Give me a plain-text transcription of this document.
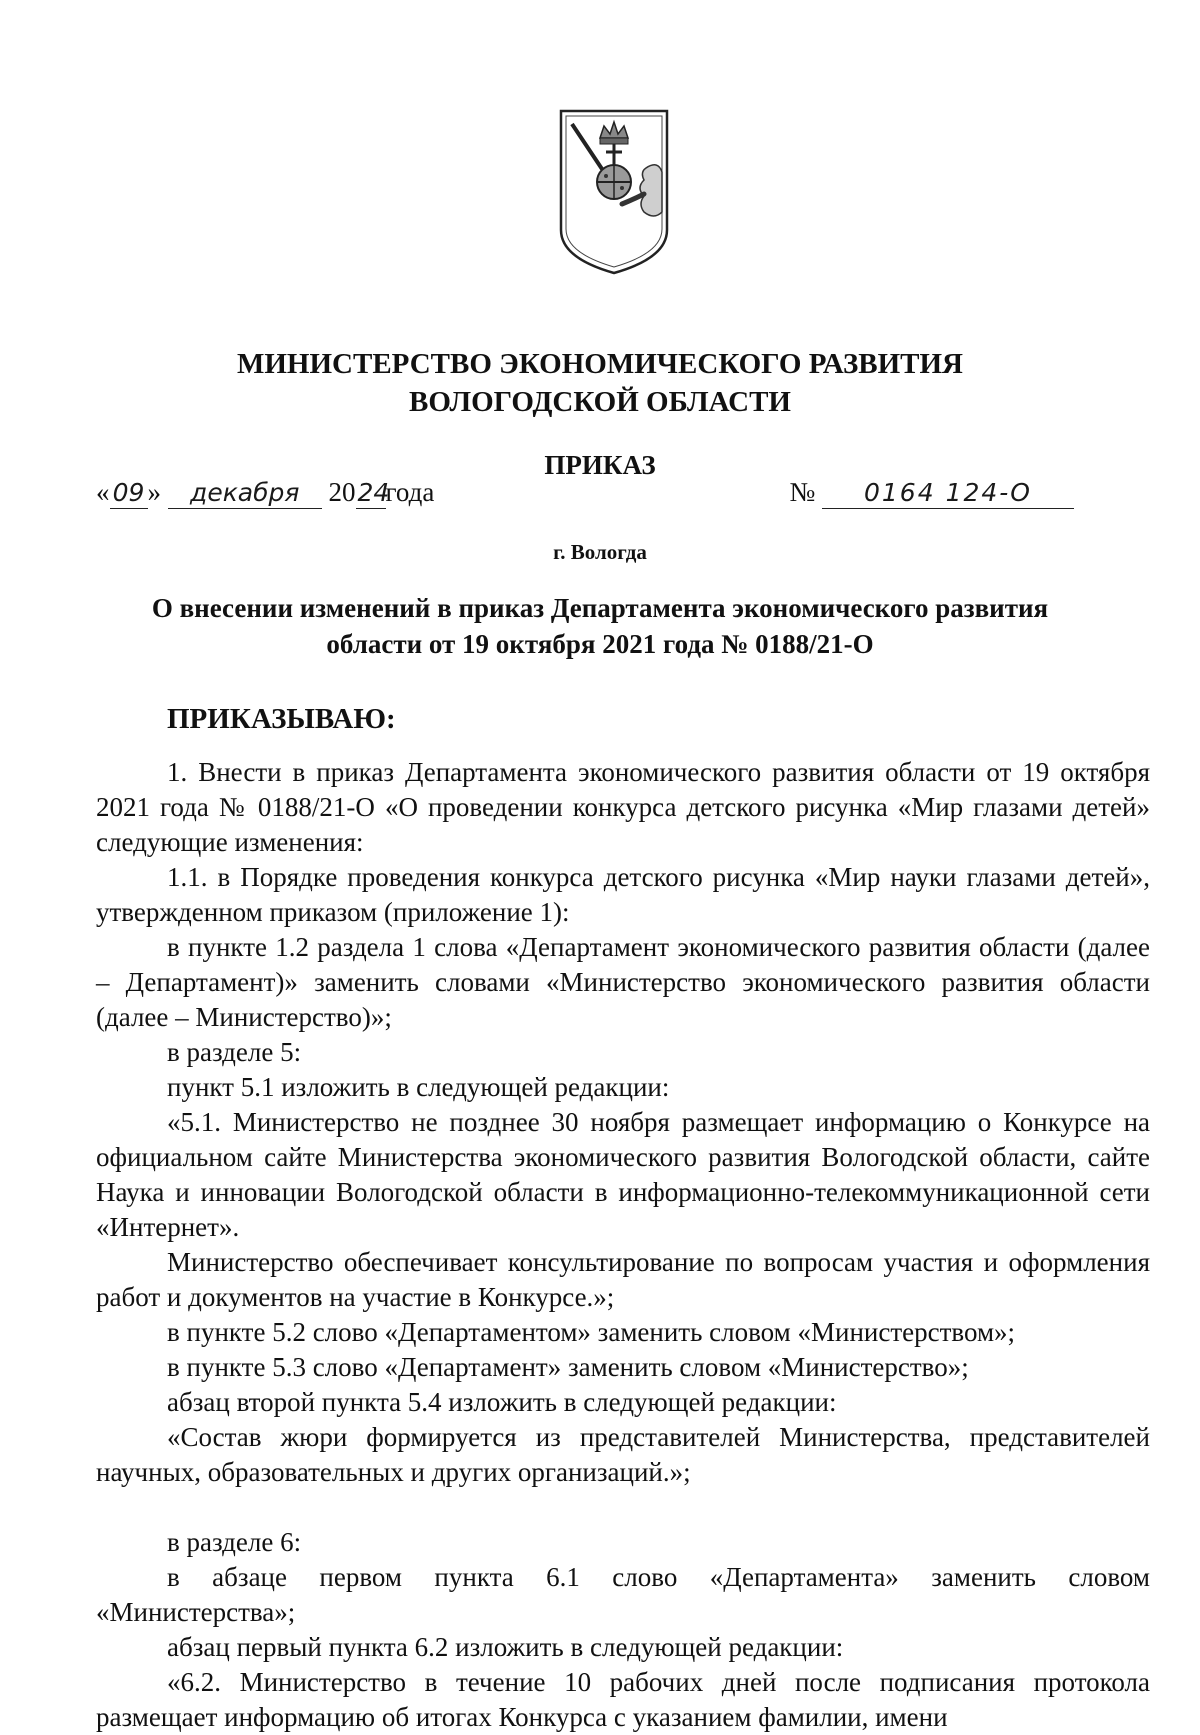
МИНИСТЕРСТВО ЭКОНОМИЧЕСКОГО РАЗВИТИЯ
ВОЛОГОДСКОЙ ОБЛАСТИ
ПРИКАЗ
« 09 » декабря 2024года	№ 0164 124-О
г. Вологда
О внесении изменений в приказ Департамента экономического развития
области от 19 октября 2021 года № 0188/21-О
ПРИКАЗЫВАЮ:

1. Внести в приказ Департамента экономического развития области от 19 октября 2021 года № 0188/21-О «О проведении конкурса детского рисунка «Мир глазами детей» следующие изменения:

1.1. в Порядке проведения конкурса детского рисунка «Мир науки глазами детей», утвержденном приказом (приложение 1):

в пункте 1.2 раздела 1 слова «Департамент экономического развития области (далее – Департамент)» заменить словами «Министерство экономического развития области (далее – Министерство)»;

в разделе 5:

пункт 5.1 изложить в следующей редакции:

«5.1. Министерство не позднее 30 ноября размещает информацию о Конкурсе на официальном сайте Министерства экономического развития Вологодской области, сайте Наука и инновации Вологодской области в информационно-телекоммуникационной сети «Интернет».

Министерство обеспечивает консультирование по вопросам участия и оформления работ и документов на участие в Конкурсе.»;

в пункте 5.2 слово «Департаментом» заменить словом «Министерством»;

в пункте 5.3 слово «Департамент» заменить словом «Министерство»;

абзац второй пункта 5.4 изложить в следующей редакции:

«Состав жюри формируется из представителей Министерства, представителей научных, образовательных и других организаций.»;

в разделе 6:

в абзаце первом пункта 6.1 слово «Департамента» заменить словом «Министерства»;

абзац первый пункта 6.2 изложить в следующей редакции:

«6.2. Министерство в течение 10 рабочих дней после подписания протокола размещает информацию об итогах Конкурса с указанием фамилии, имени
